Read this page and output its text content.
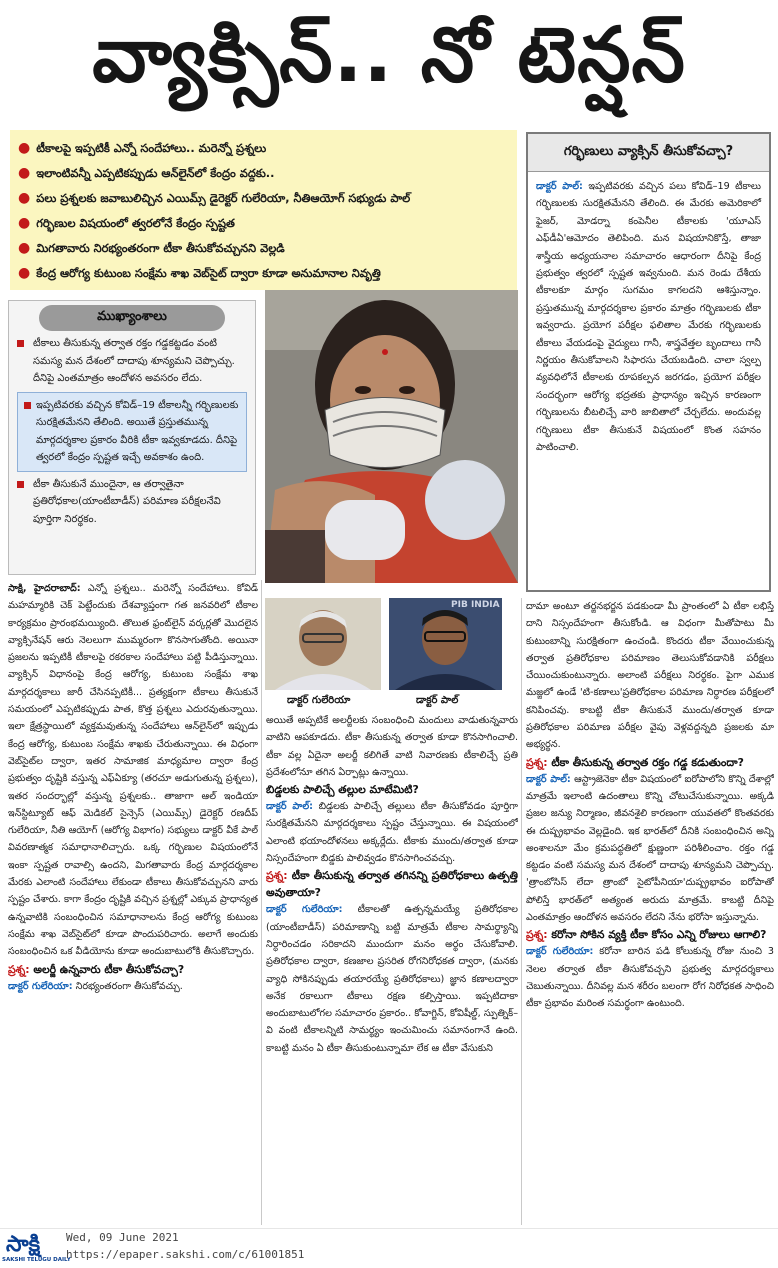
వ్యాక్సిన్.. నో టెన్షన్
● టీకాలపై ఇప్పటికీ ఎన్నో సందేహాలు.. మరెన్నో ప్రశ్నలు
● ఇలాంటివన్నీ ఎప్పటికప్పుడు ఆన్‌లైన్‌లో కేంద్రం వద్దకు..
● పలు ప్రశ్నలకు జవాబులిచ్చిన ఎయిమ్స్ డైరెక్టర్ గులేరియా, నీతిఆయోగ్ సభ్యుడు పాల్
● గర్భిణుల విషయంలో త్వరలోనే కేంద్రం స్పష్టత
● మిగతావారు నిరభ్యంతరంగా టీకా తీసుకోవచ్చునని వెల్లడి
● కేంద్ర ఆరోగ్య కుటుంబ సంక్షేమ శాఖ వెబ్‌సైట్ ద్వారా కూడా అనుమానాల నివృత్తి
గర్భిణులు వ్యాక్సిన్ తీసుకోవచ్చా?
డాక్టర్ పాల్: ఇప్పటివరకు వచ్చిన పలు కోవిడ్–19 టీకాలు గర్భిణులకు సురక్షితమేనని తేలింది. ఈ మేరకు అమెరికాలో ఫైజర్, మోడర్నా కంపెనీల టీకాలకు 'యూఎస్ ఎఫ్‌డీఏ'ఆమోదం తెలిపింది. మన విషయానికొస్తే, తాజా శాస్త్రీయ అధ్యయనాల సమాచారం ఆధారంగా దీనిపై కేంద్ర ప్రభుత్వం త్వరలో స్పష్టత ఇవ్వనుంది. మన రెండు దేశీయ టీకాలకూ మార్గం సుగమం కాగలదని ఆశిస్తున్నాం. ప్రస్తుతమున్న మార్గదర్శకాల ప్రకారం మాత్రం గర్భిణులకు టీకా ఇవ్వరాదు. ప్రయోగ పరీక్షల ఫలితాల మేరకు గర్భిణులకు టీకాలు వేయడంపై వైద్యులు గానీ, శాస్త్రవేత్తల బృందాలు గానీ నిర్ణయం తీసుకోవాలని సిఫారసు చేయబడింది. చాలా స్వల్ప వ్యవధిలోనే టీకాలకు రూపకల్పన జరగడం, ప్రయోగ పరీక్షల సందర్భంగా ఆరోగ్య భద్రతకు ప్రాధాన్యం ఇచ్చిన కారణంగా గర్భిణులను బీటలిచ్చే వారి జాబితాలో చేర్చలేదు. అందువల్ల గర్భిణులు టీకా తీసుకునే విషయంలో కొంత సహనం పాటించాలి.
ముఖ్యాంశాలు
టీకాలు తీసుకున్న తర్వాత రక్తం గడ్డకట్టడం వంటి సమస్య మన దేశంలో దాదాపు శూన్యమని చెప్పొచ్చు. దీనిపై ఎంతమాత్రం ఆందోళన అవసరం లేదు.
ఇప్పటివరకు వచ్చిన కోవిడ్–19 టీకాలన్నీ గర్భిణులకు సురక్షితమేనని తేలింది. అయితే ప్రస్తుతమున్న మార్గదర్శకాల ప్రకారం వీరికి టీకా ఇవ్వకూడదు. దీనిపై త్వరలో కేంద్రం స్పష్టత ఇచ్చే అవకాశం ఉంది.
టీకా తీసుకునే ముందైనా, ఆ తర్వాతైనా ప్రతిరోధకాల(యాంటీబాడీస్) పరిమాణ పరీక్షలనేవి పూర్తిగా నిరర్థకం.
PIB INDIA
డాక్టర్ గులేరియా	డాక్టర్ పాల్
సాక్షి, హైదరాబాద్: ఎన్నో ప్రశ్నలు.. మరెన్నో సందేహాలు. కోవిడ్ మహమ్మారికి చెక్ పెట్టేందుకు దేశవ్యాప్తంగా గత జనవరిలో టీకాల కార్యక్రమం ప్రారంభమయ్యింది. తొలుత ఫ్రంట్‌లైన్ వర్కర్లతో మొదలైన వ్యాక్సినేషన్ ఆరు నెలలుగా ముమ్మరంగా కొనసాగుతోంది. అయినా ప్రజలను ఇప్పటికీ టీకాలపై రకరకాల సందేహాలు పట్టి పీడిస్తున్నాయి. వ్యాక్సిన్ విధానంపై కేంద్ర ఆరోగ్య, కుటుంబ సంక్షేమ శాఖ మార్గదర్శకాలు జారీ చేసినప్పటికీ... ప్రత్యక్షంగా టీకాలు తీసుకునే సమయంలో ఎప్పటికప్పుడు పాత, కొత్త ప్రశ్నలు ఎదురవుతున్నాయి. ఇలా క్షేత్రస్థాయిలో వ్యక్తమవుతున్న సందేహాలు ఆన్‌లైన్‌లో ఇప్పుడు కేంద్ర ఆరోగ్య, కుటుంబ సంక్షేమ శాఖకు చేరుతున్నాయి. ఈ విధంగా వెబ్‌సైట్‌ల ద్వారా, ఇతర సామాజిక మాధ్యమాల ద్వారా కేంద్ర ప్రభుత్వం దృష్టికి వస్తున్న ఎఫ్‌ఏక్యూ (తరచూ అడుగుతున్న ప్రశ్నలు), ఇతర సందర్భాల్లో వస్తున్న ప్రశ్నలకు.. తాజాగా ఆల్ ఇండియా ఇన్‌స్టిట్యూట్ ఆఫ్ మెడికల్ సైన్సెస్ (ఎయిమ్స్) డైరెక్టర్ రణదీప్ గులేరియా, నీతి ఆయోగ్ (ఆరోగ్య విభాగం) సభ్యులు డాక్టర్ వీకే పాల్ వివరణాత్మక సమాధానాలిచ్చారు. ఒక్క గర్భిణుల విషయంలోనే ఇంకా స్పష్టత రావాల్సి ఉందని, మిగతావారు కేంద్ర మార్గదర్శకాల మేరకు ఎలాంటి సందేహాలు లేకుండా టీకాలు తీసుకోవచ్చునని వారు స్పష్టం చేశారు. కాగా కేంద్రం దృష్టికి వచ్చిన ప్రశ్నల్లో ఎక్కువ ప్రాధాన్యత ఉన్నవాటికి సంబంధించిన సమాధానాలను కేంద్ర ఆరోగ్య కుటుంబ సంక్షేమ శాఖ వెబ్‌సైట్‌లో కూడా పొందుపరిచారు. అలాగే అందుకు సంబంధించిన ఒక వీడియోను కూడా అందుబాటులోకి తీసుకొచ్చారు.
ప్రశ్న: అలర్జీ ఉన్నవారు టీకా తీసుకోవచ్చా?
డాక్టర్ గులేరియా: నిరభ్యంతరంగా తీసుకోవచ్చు.
అయితే అప్పటికే అలర్జీలకు సంబంధించి మందులు వాడుతున్నవారు వాటిని ఆపకూడదు. టీకా తీసుకున్న తర్వాత కూడా కొనసాగించాలి. టీకా వల్ల ఏదైనా అలర్జీ కలిగితే వాటి నివారణకు టీకాలిచ్చే ప్రతి ప్రదేశంలోనూ తగిన ఏర్పాట్లు ఉన్నాయి.
బిడ్డలకు పాలిచ్చే తల్లుల మాటేమిటి?
డాక్టర్ పాల్: బిడ్డలకు పాలిచ్చే తల్లులు టీకా తీసుకోవడం పూర్తిగా సురక్షితమేనని మార్గదర్శకాలు స్పష్టం చేస్తున్నాయి. ఈ విషయంలో ఎలాంటి భయాందోళనలు అక్కర్లేదు. టీకాకు ముందు/తర్వాత కూడా నిస్సందేహంగా బిడ్డకు పాలివ్వడం కొనసాగించవచ్చు.
ప్రశ్న: టీకా తీసుకున్న తర్వాత తగినన్ని ప్రతిరోధకాలు ఉత్పత్తి అవుతాయా?
డాక్టర్ గులేరియా: టీకాలతో ఉత్పన్నమయ్యే ప్రతిరోధకాల (యాంటీబాడీస్) పరిమాణాన్ని బట్టి మాత్రమే టీకాల సామర్థ్యాన్ని నిర్ధారించడం సరికాదని ముందుగా మనం అర్థం చేసుకోవాలి. ప్రతిరోధకాల ద్వారా, కణజాల ప్రసరిత రోగనిరోధకత ద్వారా, (మనకు వ్యాధి సోకినప్పుడు తయారయ్యే ప్రతిరోధకాలు) జ్ఞాన కణాలద్వారా అనేక రకాలుగా టీకాలు రక్షణ కల్పిస్తాయి. ఇప్పటిదాకా అందుబాటులోగల సమాచారం ప్రకారం.. కోవాగ్జిన్, కోవిషీల్డ్, స్పుత్నిక్–వి వంటి టీకాలన్నిటి సామర్థ్యం ఇంచుమించు సమానంగానే ఉంది. కాబట్టి మనం ఏ టీకా తీసుకుంటున్నామా లేక ఆ టీకా వేసుకుని
దామా అంటూ తర్జనభర్జన పడకుండా మీ ప్రాంతంలో ఏ టీకా లభిస్తే దాని నిస్సందేహంగా తీసుకోండి. ఆ విధంగా మీతోపాటు మీ కుటుంబాన్ని సురక్షితంగా ఉంచండి. కొందరు టీకా వేయించుకున్న తర్వాత ప్రతిరోధకాల పరిమాణం తెలుసుకోవడానికి పరీక్షలు చేయించుకుంటున్నారు. అలాంటి పరీక్షలు నిరర్థకం. పైగా ఎముక మజ్జలో ఉండే 'టి-కణాలు'ప్రతిరోధకాల పరిమాణ నిర్ధారణ పరీక్షలలో కనిపించవు. కాబట్టి టీకా తీసుకునే ముందు/తర్వాత కూడా ప్రతిరోధకాల పరిమాణ పరీక్షల వైపు వెళ్లవద్దన్నది ప్రజలకు మా అభ్యర్థన.
ప్రశ్న: టీకా తీసుకున్న తర్వాత రక్తం గడ్డ కడుతుందా?
డాక్టర్ పాల్: ఆస్ట్రాజెనెకా టీకా విషయంలో ఐరోపాలోని కొన్ని దేశాల్లో మాత్రమే ఇలాంటి ఉదంతాలు కొన్ని చోటుచేసుకున్నాయి. అక్కడి ప్రజల జన్యు నిర్మాణం, జీవనశైలి కారణంగా యువతలో కొంతవరకు ఈ దుష్ప్రభావం వెల్లడైంది. ఇక భారత్‌లో దీనికి సంబంధించిన అన్ని అంశాలనూ మేం క్రమపద్ధతిలో క్షుణ్ణంగా పరిశీలించాం. రక్తం గడ్డ కట్టడం వంటి సమస్య మన దేశంలో దాదాపు శూన్యమని చెప్పొచ్చు. 'త్రాంబోసిస్ లేదా త్రాంబో సైటోపీనియా'దుష్ప్రభావం ఐరోపాతో పోలిస్తే భారత్‌లో అత్యంత అరుదు మాత్రమే. కాబట్టి దీనిపై ఎంతమాత్రం ఆందోళన అవసరం లేదని నేను భరోసా ఇస్తున్నాను.
ప్రశ్న: కరోనా సోకిన వ్యక్తి టీకా కోసం ఎన్ని రోజులు ఆగాలి?
డాక్టర్ గులేరియా: కరోనా బారిన పడి కోలుకున్న రోజు నుంచి 3 నెలల తర్వాత టీకా తీసుకోవచ్చని ప్రభుత్వ మార్గదర్శకాలు చెబుతున్నాయి. దీనివల్ల మన శరీరం బలంగా రోగ నిరోధకత సాధించి టీకా ప్రభావం మరింత సమర్థంగా ఉంటుంది.
సాక్షి
SAKSHI TELUGU DAILY
Wed, 09 June 2021
https://epaper.sakshi.com/c/61001851
